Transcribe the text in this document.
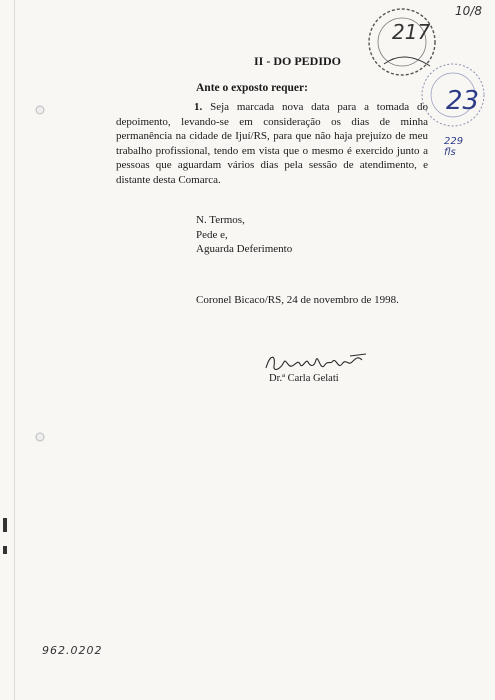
217
10/8
23
229
fls
II - DO PEDIDO
Ante o exposto requer:
1. Seja marcada nova data para a tomada do depoimento, levando-se em consideração os dias de minha permanência na cidade de Ijuí/RS, para que não haja prejuízo de meu trabalho profissional, tendo em vista que o mesmo é exercido junto a pessoas que aguardam vários dias pela sessão de atendimento, e distante desta Comarca.
N. Termos,
Pede e,
Aguarda Deferimento
Coronel Bicaco/RS, 24 de novembro de 1998.
Dr.ª Carla Gelati
962.0202
